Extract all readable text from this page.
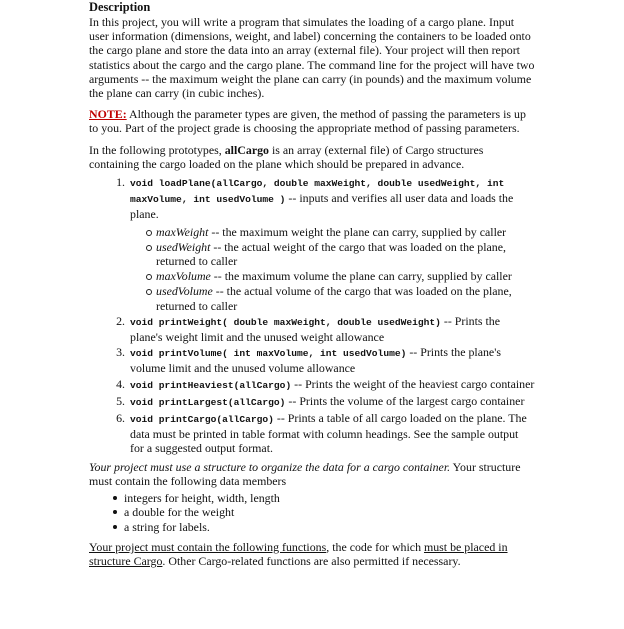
Description

In this project, you will write a program that simulates the loading of a cargo plane. Input user information (dimensions, weight, and label) concerning the containers to be loaded onto the cargo plane and store the data into an array (external file). Your project will then report statistics about the cargo and the cargo plane. The command line for the project will have two arguments -- the maximum weight the plane can carry (in pounds) and the maximum volume the plane can carry (in cubic inches).

NOTE: Although the parameter types are given, the method of passing the parameters is up to you. Part of the project grade is choosing the appropriate method of passing parameters.

In the following prototypes, allCargo is an array (external file) of Cargo structures containing the cargo loaded on the plane which should be prepared in advance.

1. void loadPlane(allCargo, double maxWeight, double usedWeight, int maxVolume, int usedVolume ) -- inputs and verifies all user data and loads the plane.
maxWeight -- the maximum weight the plane can carry, supplied by caller
usedWeight -- the actual weight of the cargo that was loaded on the plane, returned to caller
maxVolume -- the maximum volume the plane can carry, supplied by caller
usedVolume -- the actual volume of the cargo that was loaded on the plane, returned to caller
2. void printWeight( double maxWeight, double usedWeight) -- Prints the plane's weight limit and the unused weight allowance
3. void printVolume( int maxVolume, int usedVolume) -- Prints the plane's volume limit and the unused volume allowance
4. void printHeaviest(allCargo) -- Prints the weight of the heaviest cargo container
5. void printLargest(allCargo) -- Prints the volume of the largest cargo container
6. void printCargo(allCargo) -- Prints a table of all cargo loaded on the plane. The data must be printed in table format with column headings. See the sample output for a suggested output format.

Your project must use a structure to organize the data for a cargo container. Your structure must contain the following data members

integers for height, width, length
a double for the weight
a string for labels.

Your project must contain the following functions, the code for which must be placed in structure Cargo. Other Cargo-related functions are also permitted if necessary.
